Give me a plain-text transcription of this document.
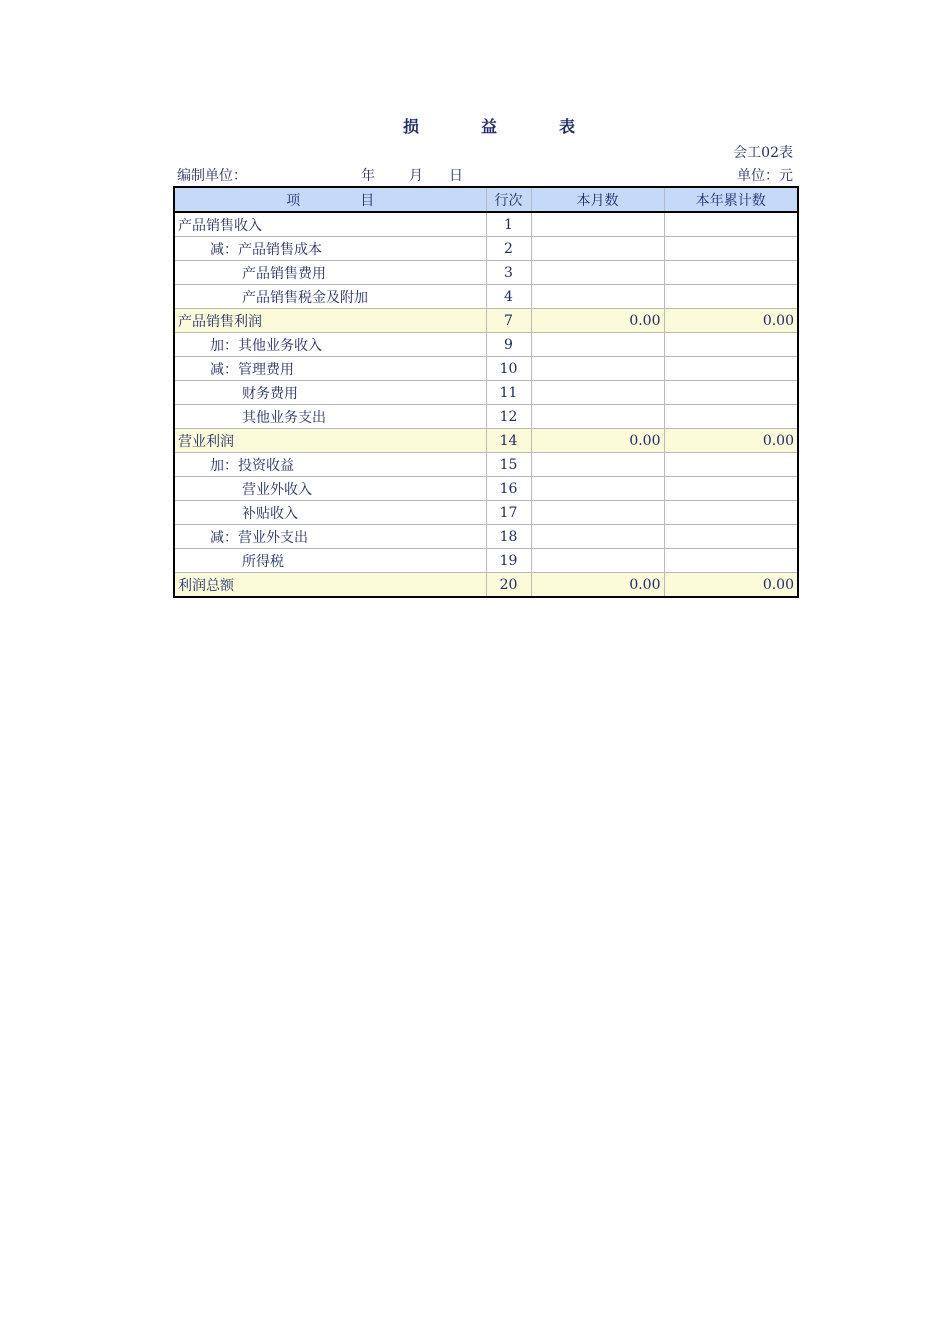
损	益	表
会工02表
编制单位：	年 月 日	单位：元
项 目	行次	本月数	本年累计数
产品销售收入	1		
减：产品销售成本	2		
产品销售费用	3		
产品销售税金及附加	4		
产品销售利润	7	0.00	0.00
加：其他业务收入	9		
减：管理费用	10		
财务费用	11		
其他业务支出	12		
营业利润	14	0.00	0.00
加：投资收益	15		
营业外收入	16		
补贴收入	17		
减：营业外支出	18		
所得税	19		
利润总额	20	0.00	0.00
